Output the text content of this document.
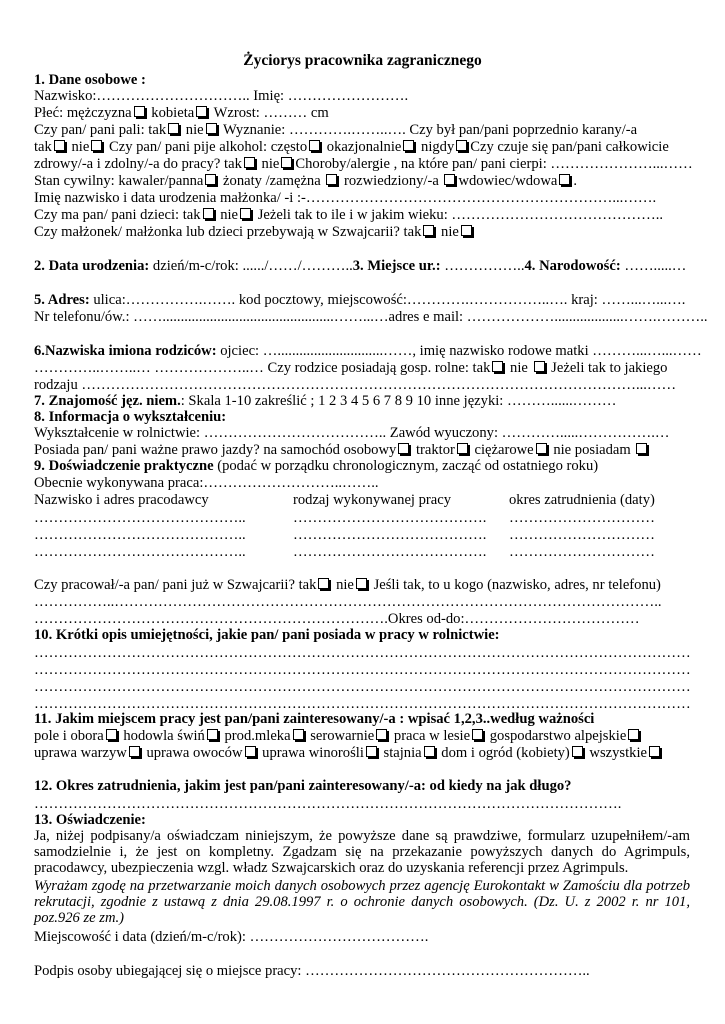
Życiorys pracownika zagranicznego
1. Dane osobowe :
Nazwisko:………………………….. Imię: …………………….
Płeć: mężczyzna kobieta Wzrost: ……… cm
Czy pan/ pani pali: tak nie Wyznanie: ………….……..…. Czy był pan/pani poprzednio karany/-a
tak nie Czy pan/ pani pije alkohol: często okazjonalnie nigdy Czy czuje się pan/pani całkowicie
zdrowy/-a i zdolny/-a do pracy? tak nie Choroby/alergie , na które pan/ pani cierpi: …………………...……
Stan cywilny: kawaler/panna żonaty /zamężna  rozwiedziony/-a wdowiec/wdowa .
Imię nazwisko i data urodzenia małżonka/ -i :-………………………………………………………...…….
Czy ma pan/ pani dzieci: tak nie Jeżeli tak to ile i w jakim wieku: ……………………………………..
Czy małżonek/ małżonka lub dzieci przebywają w Szwajcarii? tak nie
2. Data urodzenia: dzień/m-c/rok: ....../……/………..3. Miejsce ur.: ……………..4. Narodowość: …….....…
5. Adres: ulica:…………….……. kod pocztowy, miejscowość:………….……………..…. kraj: ……...…...….
Nr telefonu/ów.: ……...............................................……...…adres e mail: ………………...................…….………..
6.Nazwiska imiona rodziców: ojciec: ….............................……, imię nazwisko rodowe matki ………...…...……
…………..……..… ………………..… Czy rodzice posiadają gosp. rolne: tak nie  Jeżeli tak to jakiego
rodzaju ……………………………………………………………………………………………………...……
7. Znajomość jęz. niem.: Skala 1-10 zakreślić ; 1 2 3 4 5 6 7 8 9 10 inne języki: ………......………
8. Informacja o wykształceniu:
Wykształcenie w rolnictwie: ……………………………….. Zawód wyuczony: ………….....…………….…
Posiada pan/ pani ważne prawo jazdy? na samochód osobowy traktor ciężarowe nie posiadam
9. Doświadczenie praktyczne (podać w porządku chronologicznym, zacząć od ostatniego roku)
Obecnie wykonywana praca:………………………..……..
Nazwisko i adres pracodawcy	rodzaj wykonywanej pracy	okres zatrudnienia (daty)
……………………………………..	…………………………………. …………………………
……………………………………..	…………………………………. …………………………
……………………………………..	…………………………………. …………………………
Czy pracował/-a pan/ pani już w Szwajcarii? tak nie Jeśli tak, to u kogo (nazwisko, adres, nr telefonu)
……………..…………………………………………………………………………………………………..
……………………………………………………………….Okres od-do:………………………………
10. Krótki opis umiejętności, jakie pan/ pani posiada w pracy w rolnictwie:
………………………………………………………………………………………………………………………
………………………………………………………………………………………………………………………
………………………………………………………………………………………………………………………
………………………………………………………………………………………………………………………
11. Jakim miejscem pracy jest pan/pani zainteresowany/-a : wpisać 1,2,3..według ważności
pole i obora hodowla świń prod.mleka serowarnie praca w lesie gospodarstwo alpejskie
uprawa warzyw uprawa owoców uprawa winorośli stajnia dom i ogród (kobiety) wszystkie
12. Okres zatrudnienia, jakim jest pan/pani zainteresowany/-a: od kiedy na jak długo?
………………………………………………………………………………………………………….
13. Oświadczenie:
Ja, niżej podpisany/a oświadczam niniejszym, że powyższe dane są prawdziwe, formularz uzupełniłem/-am samodzielnie i, że jest on kompletny. Zgadzam się na przekazanie powyższych danych do Agrimpuls, pracodawcy, ubezpieczenia wzgl. władz Szwajcarskich oraz do uzyskania referencji przez Agrimpuls.
Wyrażam zgodę na przetwarzanie moich danych osobowych przez agencję Eurokontakt w Zamościu dla potrzeb rekrutacji, zgodnie z ustawą z dnia 29.08.1997 r. o ochronie danych osobowych. (Dz. U. z 2002 r. nr 101, poz.926 ze zm.)
Miejscowość i data (dzień/m-c/rok): ……………………………….
Podpis osoby ubiegającej się o miejsce pracy: …………………………………………………..
